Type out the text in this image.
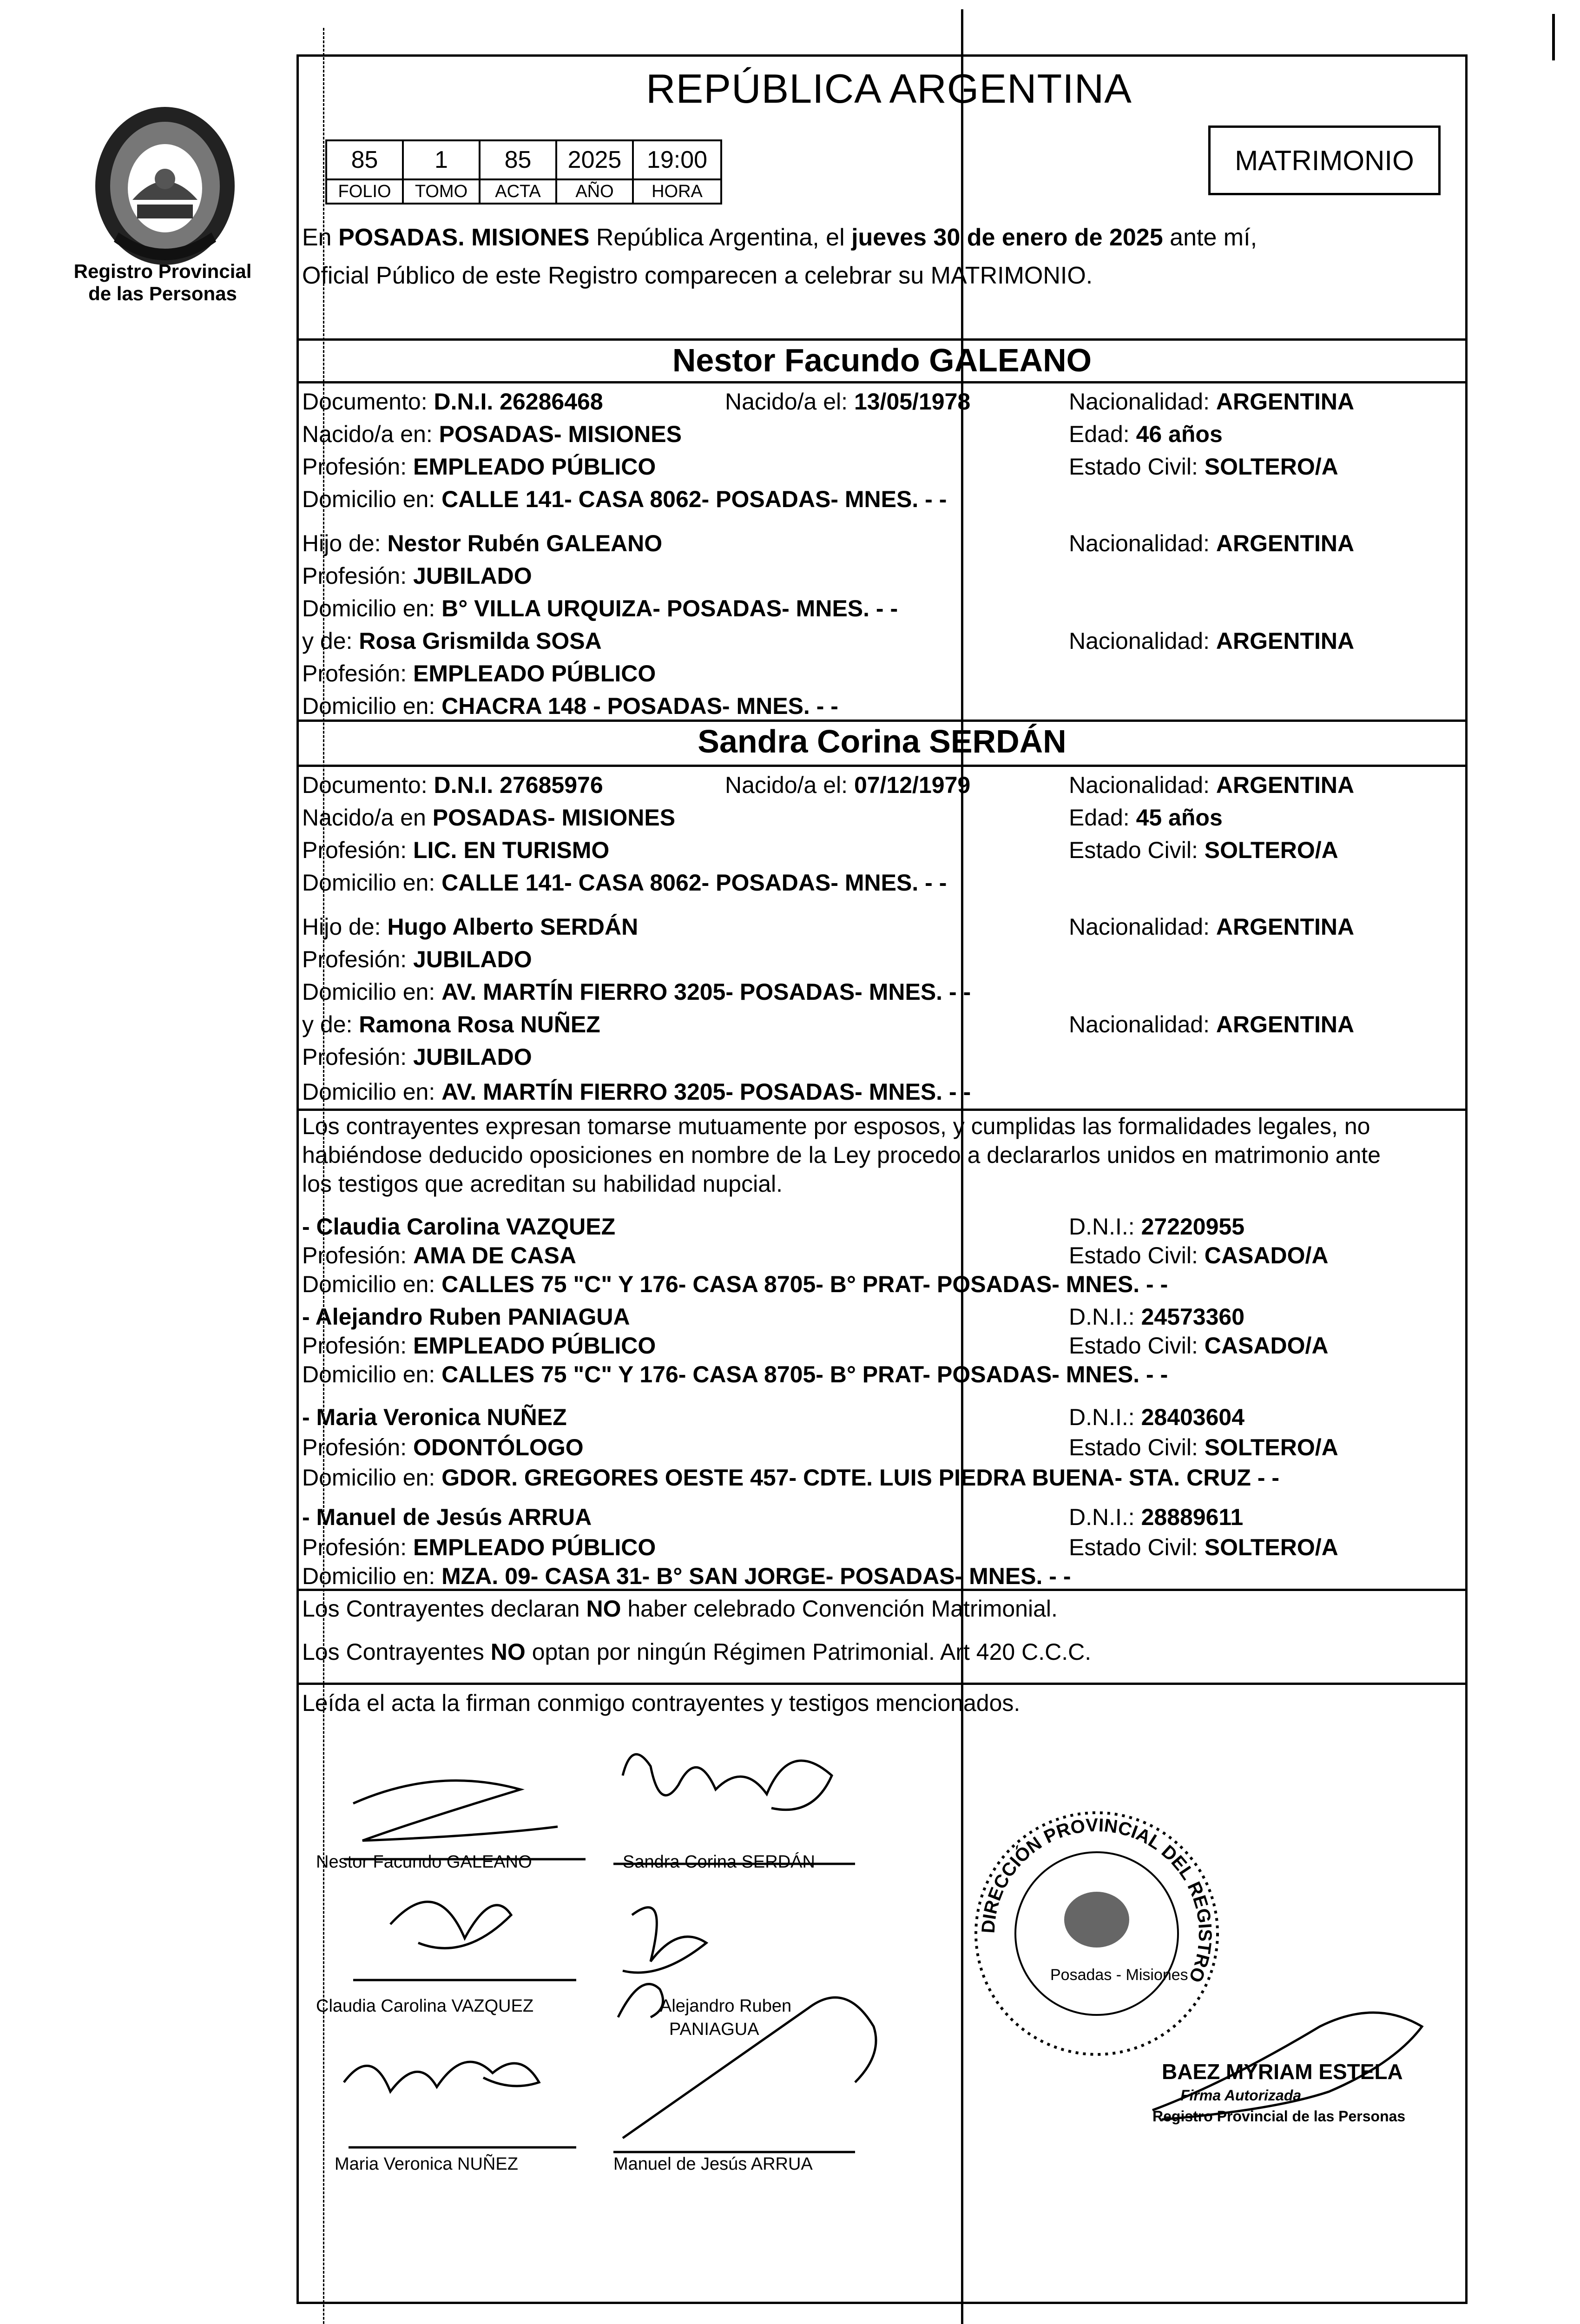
Registro Provincial
de las Personas
REPÚBLICA ARGENTINA
85	1	85	2025	19:00
FOLIO	TOMO	ACTA	AÑO	HORA
MATRIMONIO
En POSADAS. MISIONES República Argentina, el jueves 30 de enero de 2025 ante mí,
Oficial Público de este Registro comparecen a celebrar su MATRIMONIO.
Nestor Facundo GALEANO
Documento: D.N.I. 26286468	Nacido/a el: 13/05/1978	Nacionalidad: ARGENTINA
Nacido/a en: POSADAS- MISIONES	Edad: 46 años
Profesión: EMPLEADO PÚBLICO	Estado Civil: SOLTERO/A
Domicilio en: CALLE 141- CASA 8062- POSADAS- MNES. - -
Hijo de: Nestor Rubén GALEANO	Nacionalidad: ARGENTINA
Profesión: JUBILADO
Domicilio en: B° VILLA URQUIZA- POSADAS- MNES. - -
y de: Rosa Grismilda SOSA	Nacionalidad: ARGENTINA
Profesión: EMPLEADO PÚBLICO
Domicilio en: CHACRA 148 - POSADAS- MNES. - -
Sandra Corina SERDÁN
Documento: D.N.I. 27685976	Nacido/a el: 07/12/1979	Nacionalidad: ARGENTINA
Nacido/a en POSADAS- MISIONES	Edad: 45 años
Profesión: LIC. EN TURISMO	Estado Civil: SOLTERO/A
Domicilio en: CALLE 141- CASA 8062- POSADAS- MNES. - -
Hijo de: Hugo Alberto SERDÁN	Nacionalidad: ARGENTINA
Profesión: JUBILADO
Domicilio en: AV. MARTÍN FIERRO 3205- POSADAS- MNES. - -
y de: Ramona Rosa NUÑEZ	Nacionalidad: ARGENTINA
Profesión: JUBILADO
Domicilio en: AV. MARTÍN FIERRO 3205- POSADAS- MNES. - -
Los contrayentes expresan tomarse mutuamente por esposos, y cumplidas las formalidades legales, no
habiéndose deducido oposiciones en nombre de la Ley procedo a declararlos unidos en matrimonio ante
los testigos que acreditan su habilidad nupcial.
- Claudia Carolina VAZQUEZ	D.N.I.: 27220955
Profesión: AMA DE CASA	Estado Civil: CASADO/A
Domicilio en: CALLES 75 "C" Y 176- CASA 8705- B° PRAT- POSADAS- MNES. - -
- Alejandro Ruben PANIAGUA	D.N.I.: 24573360
Profesión: EMPLEADO PÚBLICO	Estado Civil: CASADO/A
Domicilio en: CALLES 75 "C" Y 176- CASA 8705- B° PRAT- POSADAS- MNES. - -
- Maria Veronica NUÑEZ	D.N.I.: 28403604
Profesión: ODONTÓLOGO	Estado Civil: SOLTERO/A
Domicilio en: GDOR. GREGORES OESTE 457- CDTE. LUIS PIEDRA BUENA- STA. CRUZ - -
- Manuel de Jesús ARRUA	D.N.I.: 28889611
Profesión: EMPLEADO PÚBLICO	Estado Civil: SOLTERO/A
Domicilio en: MZA. 09- CASA 31- B° SAN JORGE- POSADAS- MNES. - -
Los Contrayentes declaran NO haber celebrado Convención Matrimonial.
Los Contrayentes NO optan por ningún Régimen Patrimonial. Art 420 C.C.C.
Leída el acta la firman conmigo contrayentes y testigos mencionados.
Nestor Facundo GALEANO	Sandra Corina SERDÁN
Claudia Carolina VAZQUEZ	Alejandro Ruben
PANIAGUA
Maria Veronica NUÑEZ	Manuel de Jesús ARRUA
DIRECCIÓN PROVINCIAL DEL REGISTRO
Posadas - Misiones
BAEZ MYRIAM ESTELA
Firma Autorizada
Registro Provincial de las Personas
